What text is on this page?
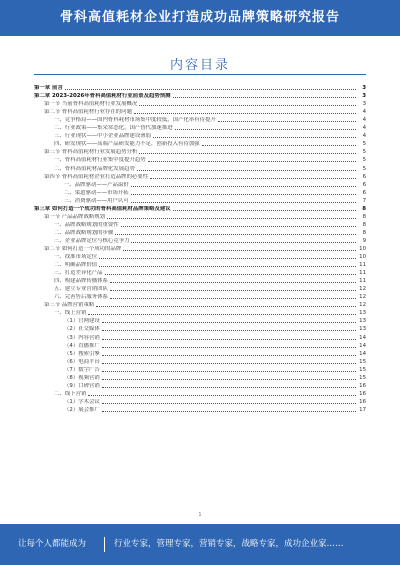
骨科高值耗材企业打造成功品牌策略研究报告
内容目录
第一章 前言	3
第二章 2023-2026年骨科高值耗材行业前景及趋势预测	3
第一节 当前骨科高值耗材行业发展概况	3
第二节 骨科高值耗材行业存在的问题	4
一、竞争格局——国内骨科耗材市场集中度较低，国产化率有待提升	4
二、行业政策——集采常态化，国产替代加速推进	4
三、行业现状——中小企业品牌建设薄弱	4
四、研发现状——高端产品研发能力不足，创新投入有待加强	5
第三节 骨科高值耗材行业发展趋势分析	5
一、骨科高值耗材行业集中度提升趋势	5
二、骨科高值耗材品牌化发展趋势	5
第四节 骨科高值耗材企业打造品牌的必要性	6
一、品牌驱动——产品溢价	6
二、渠道驱动——市场开拓	6
三、消费驱动——用户认可	7
第三章 如何打造一个成功的骨科高值耗材品牌策略及建议	8
第一节 产品品牌战略规划	8
一、品牌战略规划的重要性	8
二、品牌战略规划的步骤	8
三、企业品牌定位与核心竞争力	9
第二节 如何打造一个成功的品牌	10
一、找准市场定位	10
二、明确品牌价值	11
三、打造差异化产品	11
四、构建品牌传播体系	11
五、建立专业营销团队	12
六、完善售后服务体系	12
第三节 品牌营销策略	12
一、线上营销	13
（1）官网建设	13
（2）社交媒体	13
（3）内容营销	14
（4）直播推广	14
（5）搜索引擎	14
（6）电商平台	15
（7）数字广告	15
（8）视频营销	15
（9）口碑营销	16
二、线下营销	16
（1）学术会议	16
（2）展会推广	17
1
让每个人都能成为	行业专家，管理专家，营销专家，战略专家，成功企业家……
